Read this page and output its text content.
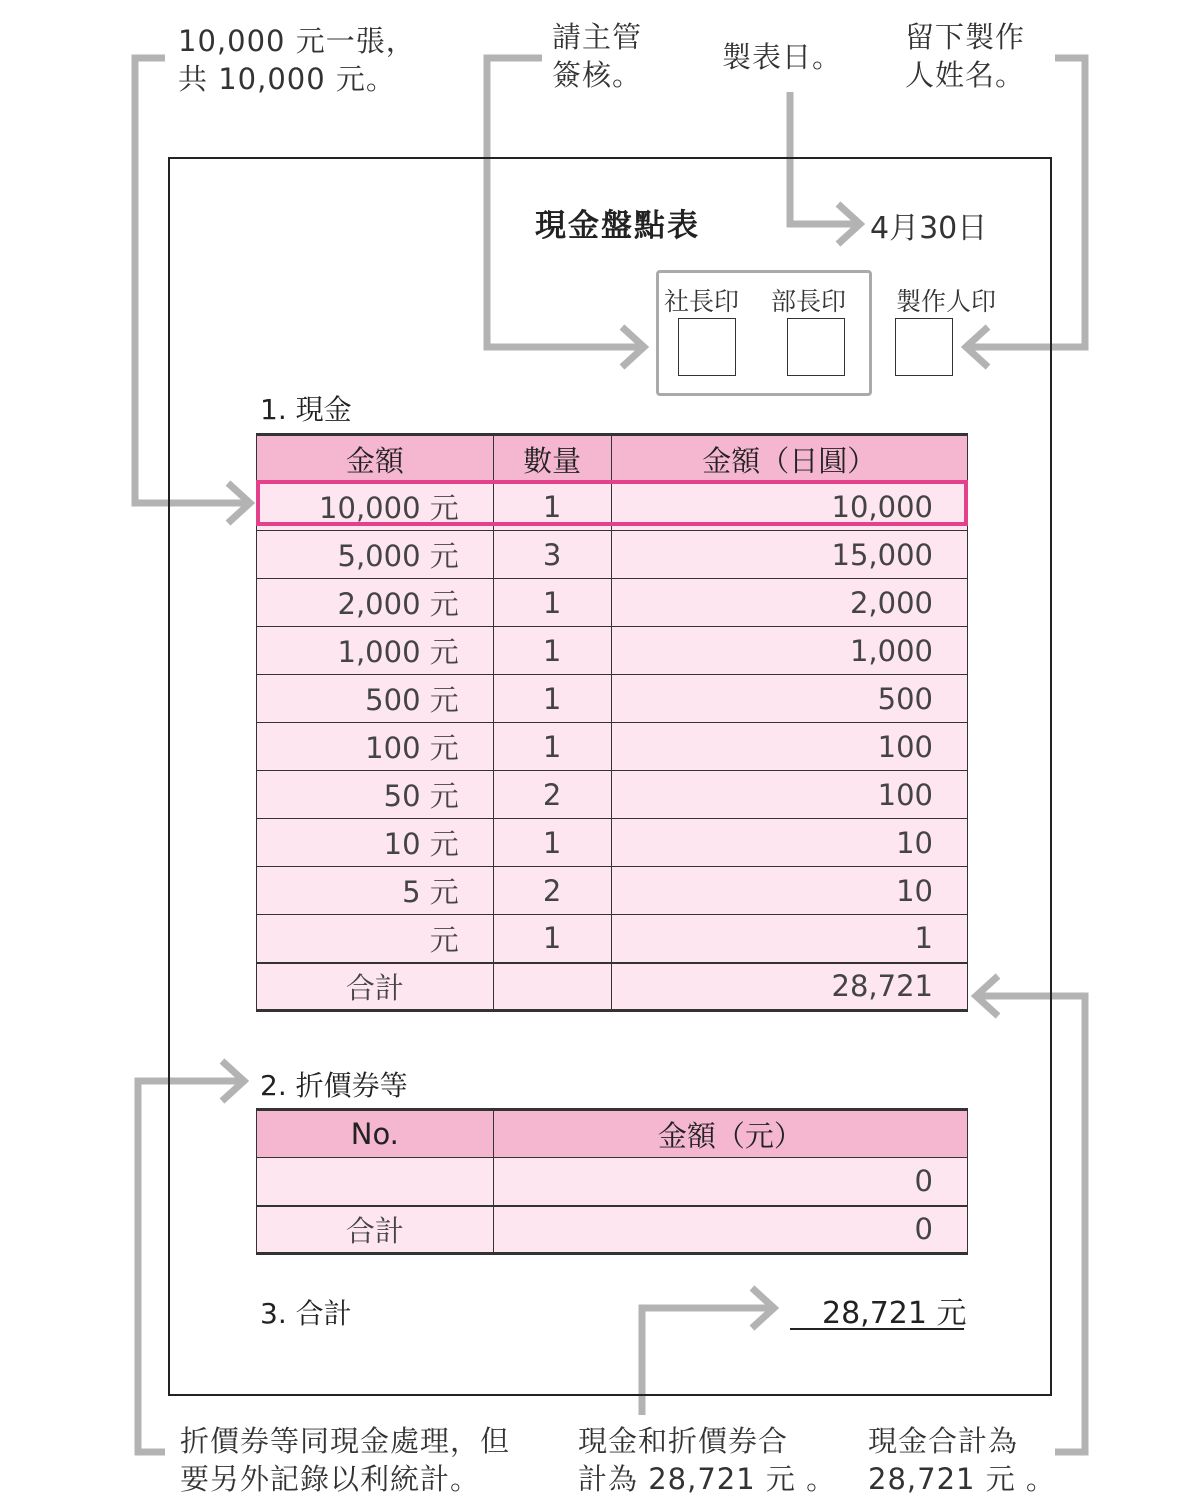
10,000 元一張，
共 10,000 元。
請主管
簽核。
製表日。
留下製作
人姓名。
現金盤點表	4月30日
社長印 部長印 製作人印
1. 現金
金額	數量	金額（日圓）
10,000 元	1	10,000
5,000 元	3	15,000
2,000 元	1	2,000
1,000 元	1	1,000
500 元	1	500
100 元	1	100
50 元	2	100
10 元	1	10
5 元	2	10
元	1	1
合計		28,721
2. 折價券等
No.	金額（元）
	0
合計	0
3. 合計	28,721 元
折價券等同現金處理，但
要另外記錄以利統計。
現金和折價券合
計為 28,721 元 。
現金合計為
28,721 元 。
